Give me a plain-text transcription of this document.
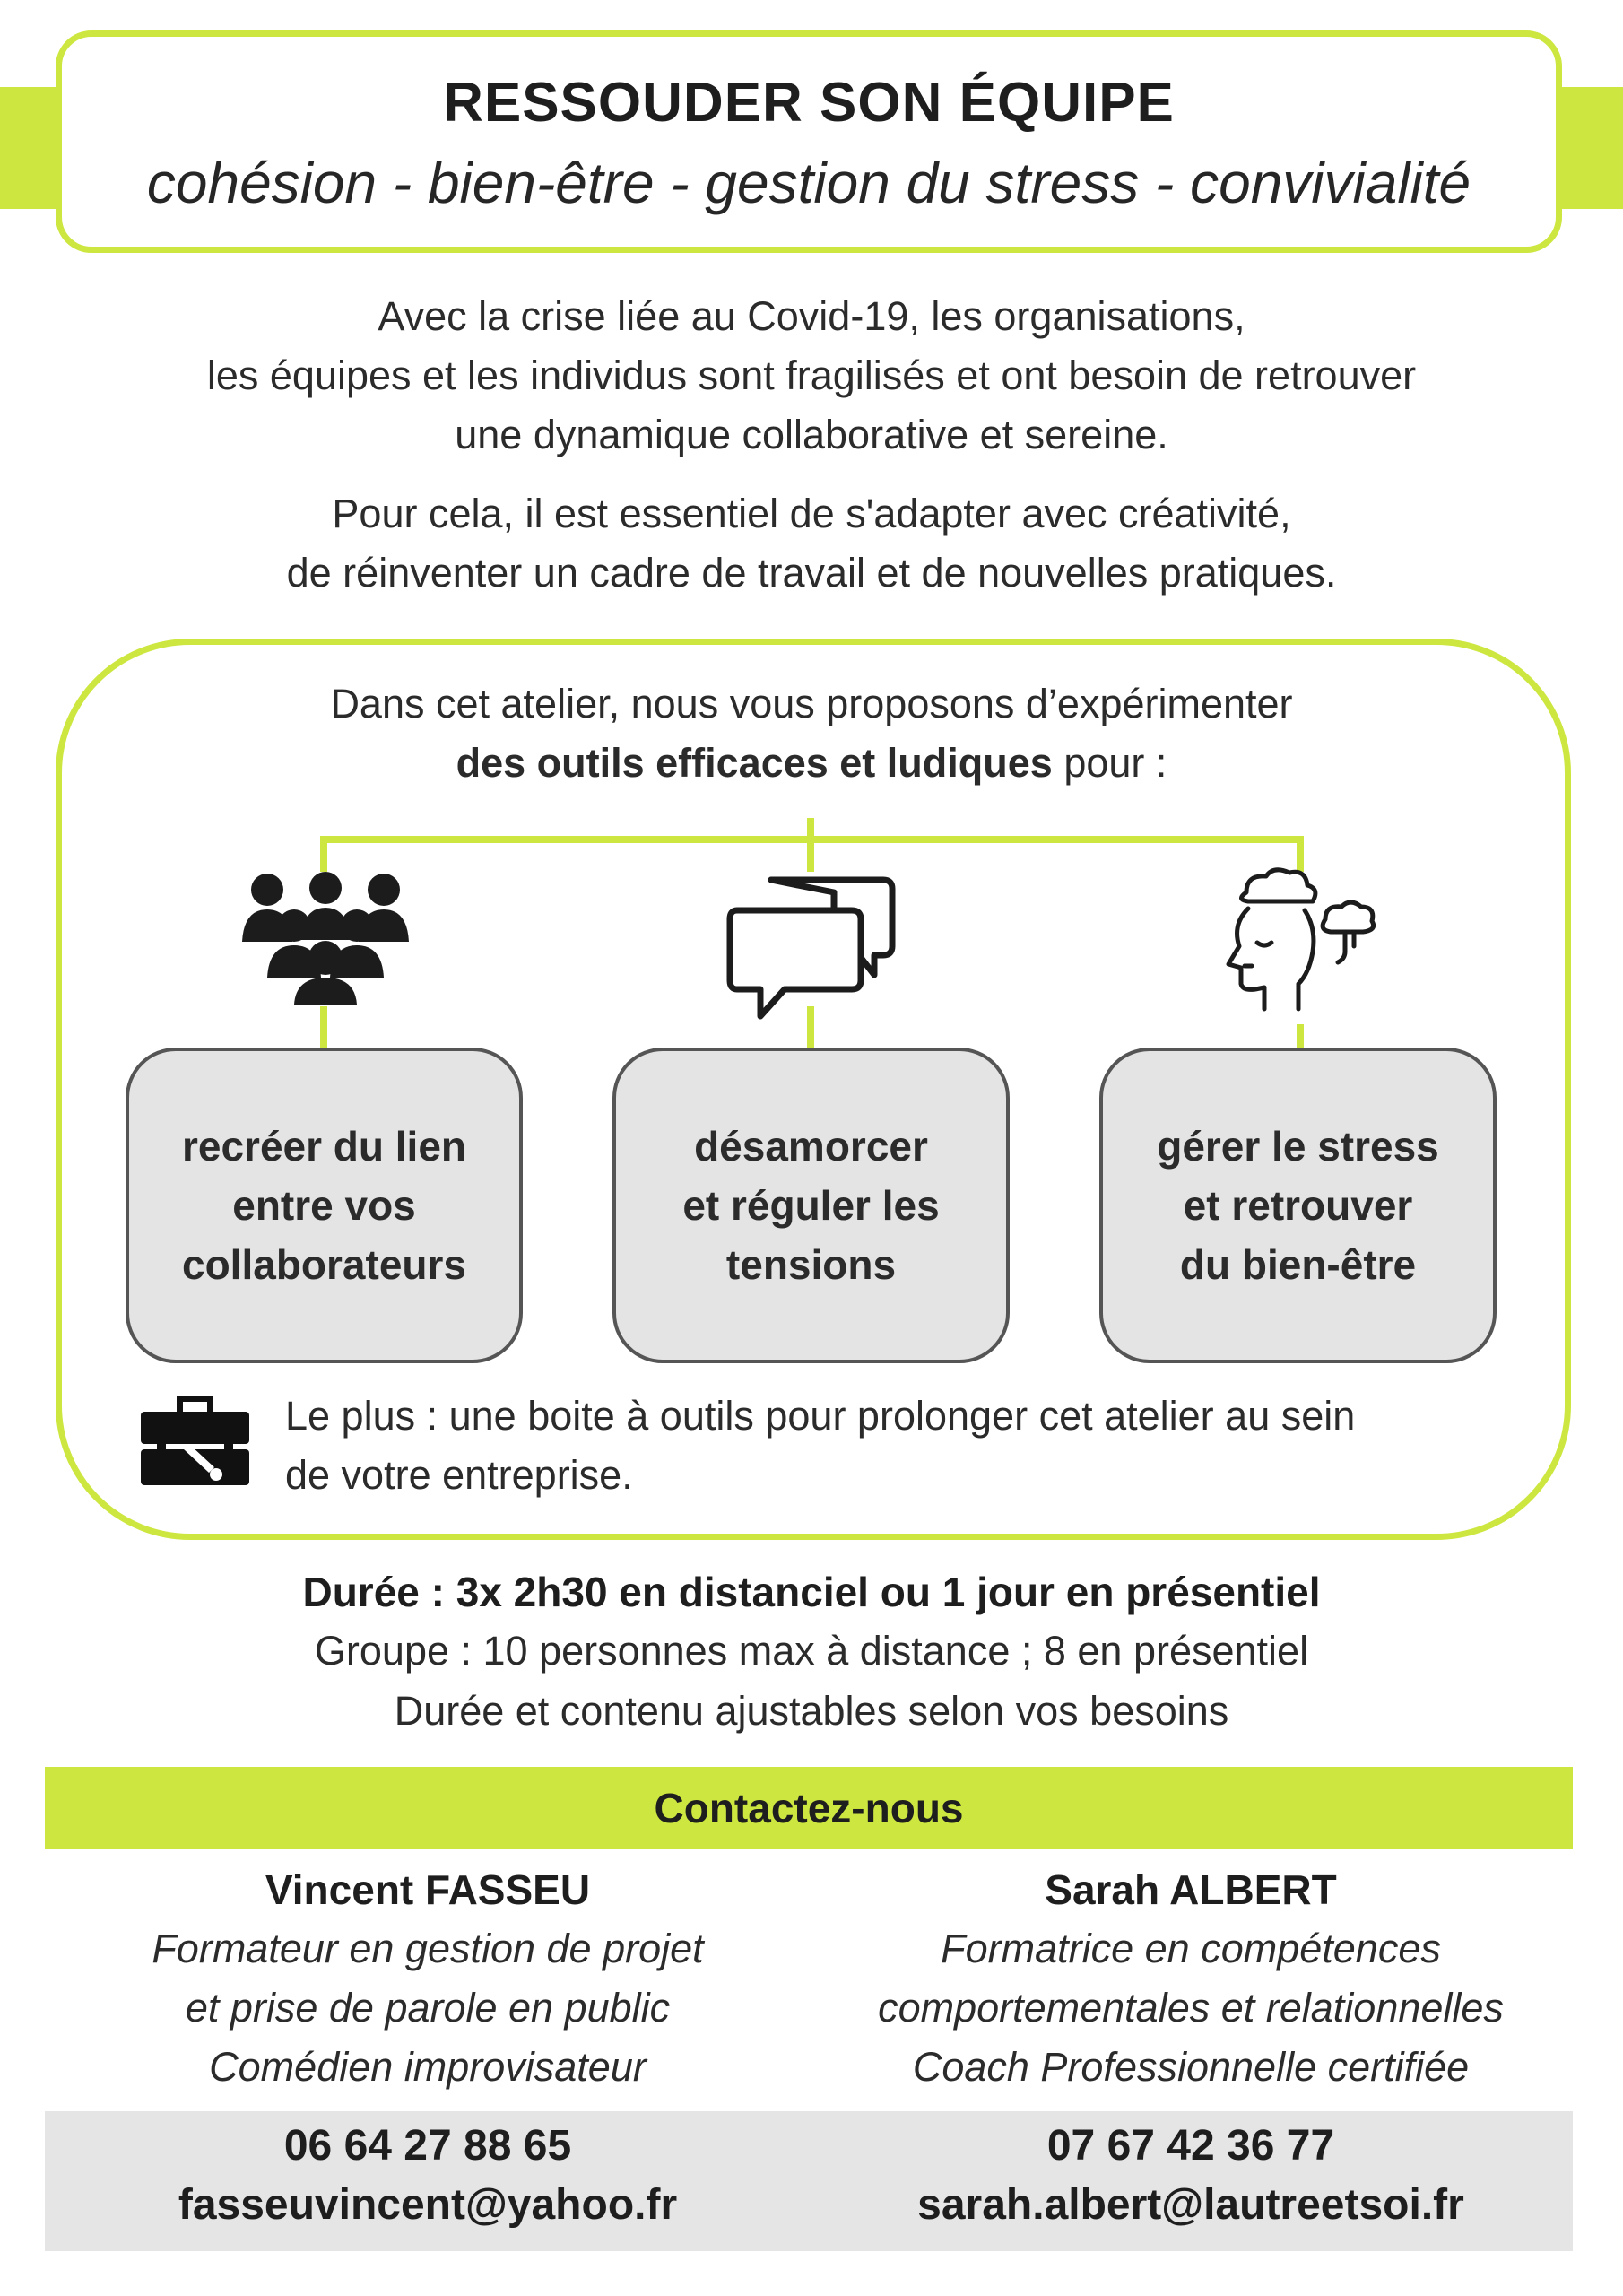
RESSOUDER SON ÉQUIPE
cohésion - bien-être - gestion du stress - convivialité
Avec la crise liée au Covid-19, les organisations,
les équipes et les individus sont fragilisés et ont besoin de retrouver
une dynamique collaborative et sereine.
Pour cela, il est essentiel de s'adapter avec créativité,
de réinventer un cadre de travail et de nouvelles pratiques.
Dans cet atelier, nous vous proposons d’expérimenter
des outils efficaces et ludiques pour :
recréer du lien
entre vos
collaborateurs
désamorcer
et réguler les
tensions
gérer le stress
et retrouver
du bien-être
Le plus : une boite à outils pour prolonger cet atelier au sein
de votre entreprise.
Durée : 3x 2h30 en distanciel ou 1 jour en présentiel
Groupe : 10 personnes max à distance ; 8 en présentiel
Durée et contenu ajustables selon vos besoins
Contactez-nous
Vincent FASSEU
Formateur en gestion de projet
et prise de parole en public
Comédien improvisateur
06 64 27 88 65
fasseuvincent@yahoo.fr
Sarah ALBERT
Formatrice en compétences
comportementales et relationnelles
Coach Professionnelle certifiée
07 67 42 36 77
sarah.albert@lautreetsoi.fr
